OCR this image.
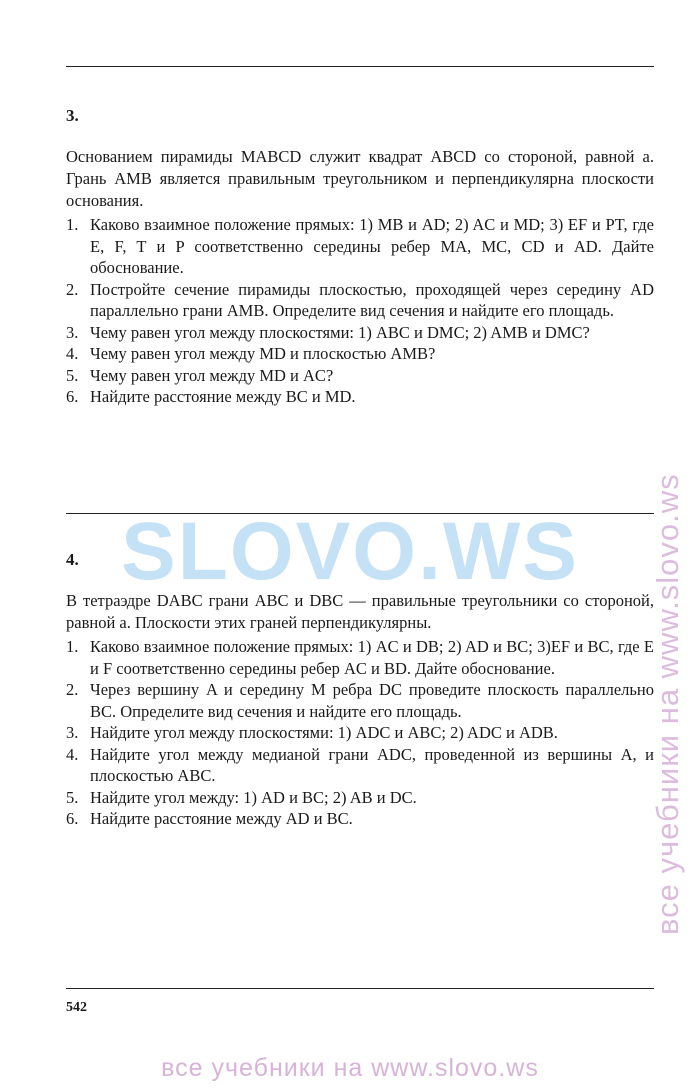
3.
Основанием пирамиды MABCD служит квадрат ABCD со стороной, равной a. Грань AMB является правильным треугольником и перпендикулярна плоскости основания.
1. Каково взаимное положение прямых: 1) MB и AD; 2) AC и MD; 3) EF и PT, где E, F, T и P соответственно середины ребер MA, MC, CD и AD. Дайте обоснование.
2. Постройте сечение пирамиды плоскостью, проходящей через середину AD параллельно грани AMB. Определите вид сечения и найдите его площадь.
3. Чему равен угол между плоскостями: 1) ABC и DMC; 2) AMB и DMC?
4. Чему равен угол между MD и плоскостью AMB?
5. Чему равен угол между MD и AC?
6. Найдите расстояние между BC и MD.
4.
В тетраэдре DABC грани ABC и DBC — правильные треугольники со стороной, равной a. Плоскости этих граней перпендикулярны.
1. Каково взаимное положение прямых: 1) AC и DB; 2) AD и BC; 3)EF и BC, где E и F соответственно середины ребер AC и BD. Дайте обоснование.
2. Через вершину A и середину M ребра DC проведите плоскость параллельно BC. Определите вид сечения и найдите его площадь.
3. Найдите угол между плоскостями: 1) ADC и ABC; 2) ADC и ADB.
4. Найдите угол между медианой грани ADC, проведенной из вершины A, и плоскостью ABC.
5. Найдите угол между: 1) AD и BC; 2) AB и DC.
6. Найдите расстояние между AD и BC.
542
SLOVO.WS	все учебники на www.slovo.ws
все учебники на www.slovo.ws
